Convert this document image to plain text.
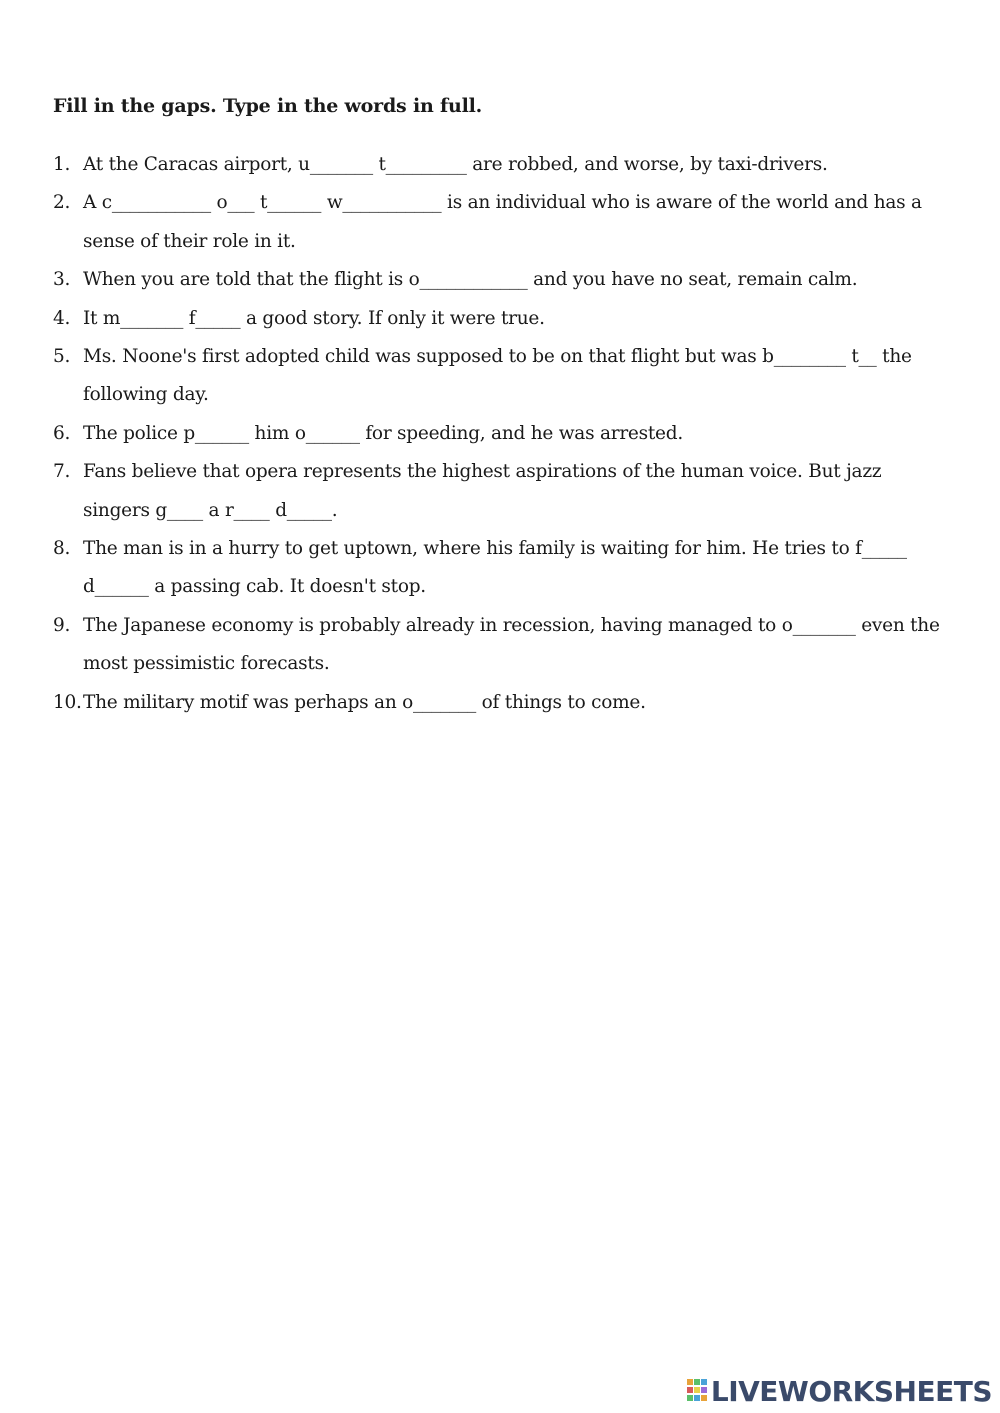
Fill in the gaps. Type in the words in full.
1. At the Caracas airport, u_______ t_________ are robbed, and worse, by taxi-drivers.
2. A c___________ o___ t______ w___________ is an individual who is aware of the world and has a sense of their role in it.
3. When you are told that the flight is o____________ and you have no seat, remain calm.
4. It m_______ f_____ a good story. If only it were true.
5. Ms. Noone's first adopted child was supposed to be on that flight but was b________ t__ the following day.
6. The police p______ him o______ for speeding, and he was arrested.
7. Fans believe that opera represents the highest aspirations of the human voice. But jazz singers g____ a r____ d_____.
8. The man is in a hurry to get uptown, where his family is waiting for him. He tries to f_____ d______ a passing cab. It doesn't stop.
9. The Japanese economy is probably already in recession, having managed to o_______ even the most pessimistic forecasts.
10. The military motif was perhaps an o_______ of things to come.
LIVEWORKSHEETS
